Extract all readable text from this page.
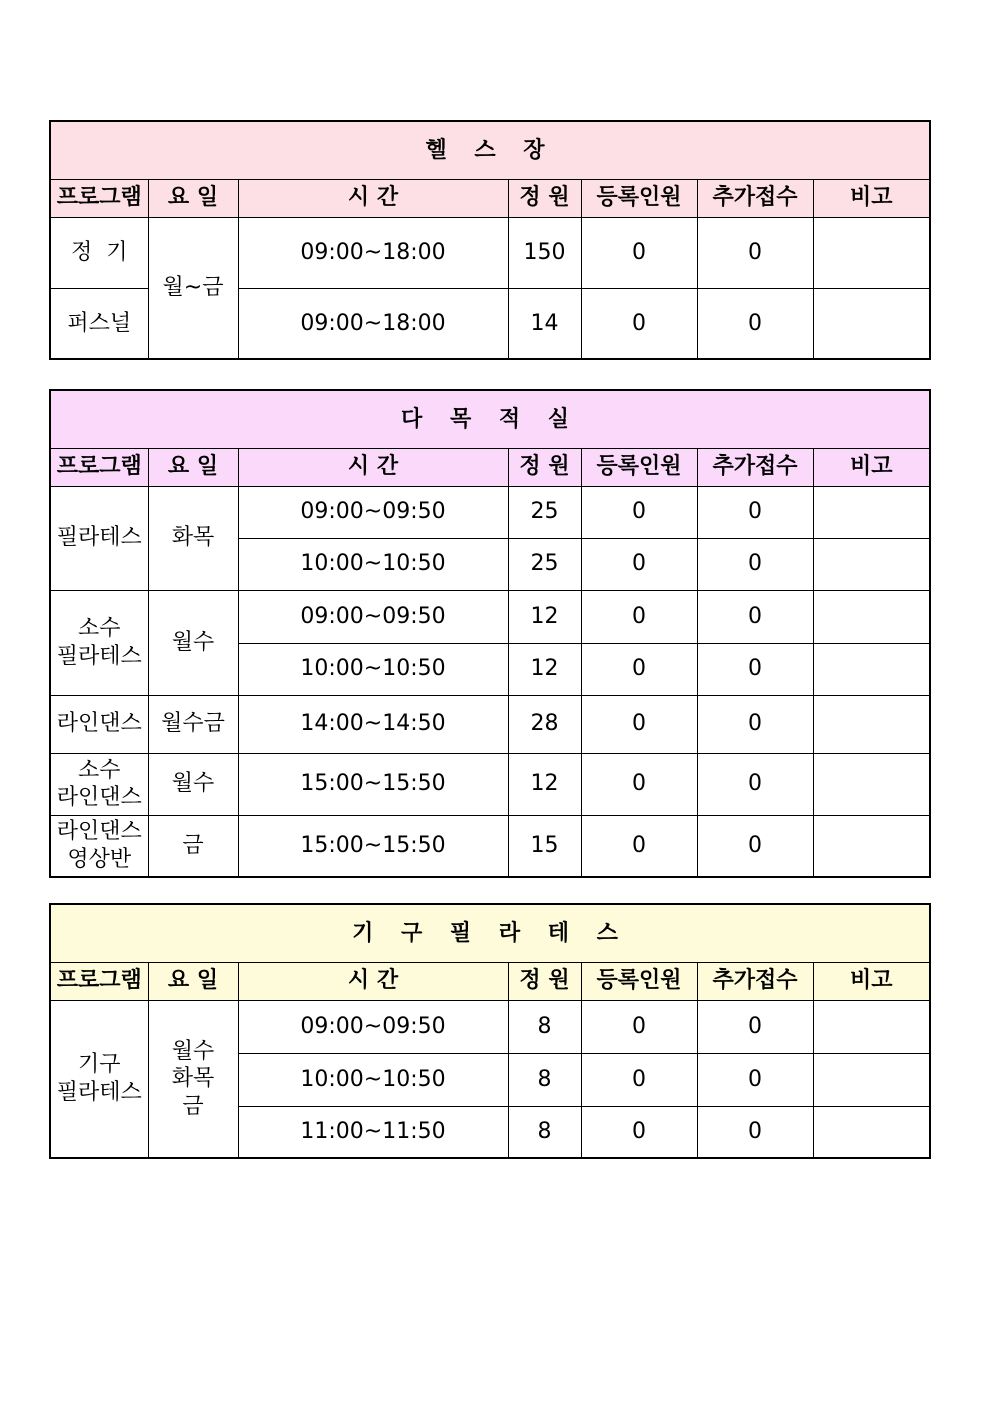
헬 스 장						
프로그램	요 일	시 간	정 원	등록인원	추가접수	비고
정  기	월~금	09:00~18:00	150	0	0	
퍼스널		09:00~18:00	14	0	0	
다 목 적 실						
프로그램	요 일	시 간	정 원	등록인원	추가접수	비고

필라테스	화목	09:00~09:50	25	0	0	
		10:00~10:50	25	0	0	

소수
필라테스	월수	09:00~09:50	12	0	0	
		10:00~10:50	12	0	0	

라인댄스	월수금	14:00~14:50	28	0	0	

소수
라인댄스	월수	15:00~15:50	12	0	0	

라인댄스
영상반	금	15:00~15:50	15	0	0	
기 구 필 라 테 스						
프로그램	요 일	시 간	정 원	등록인원	추가접수	비고

기구
필라테스	월수
화목
금	09:00~09:50	8	0	0	
		10:00~10:50	8	0	0	
		11:00~11:50	8	0	0	
